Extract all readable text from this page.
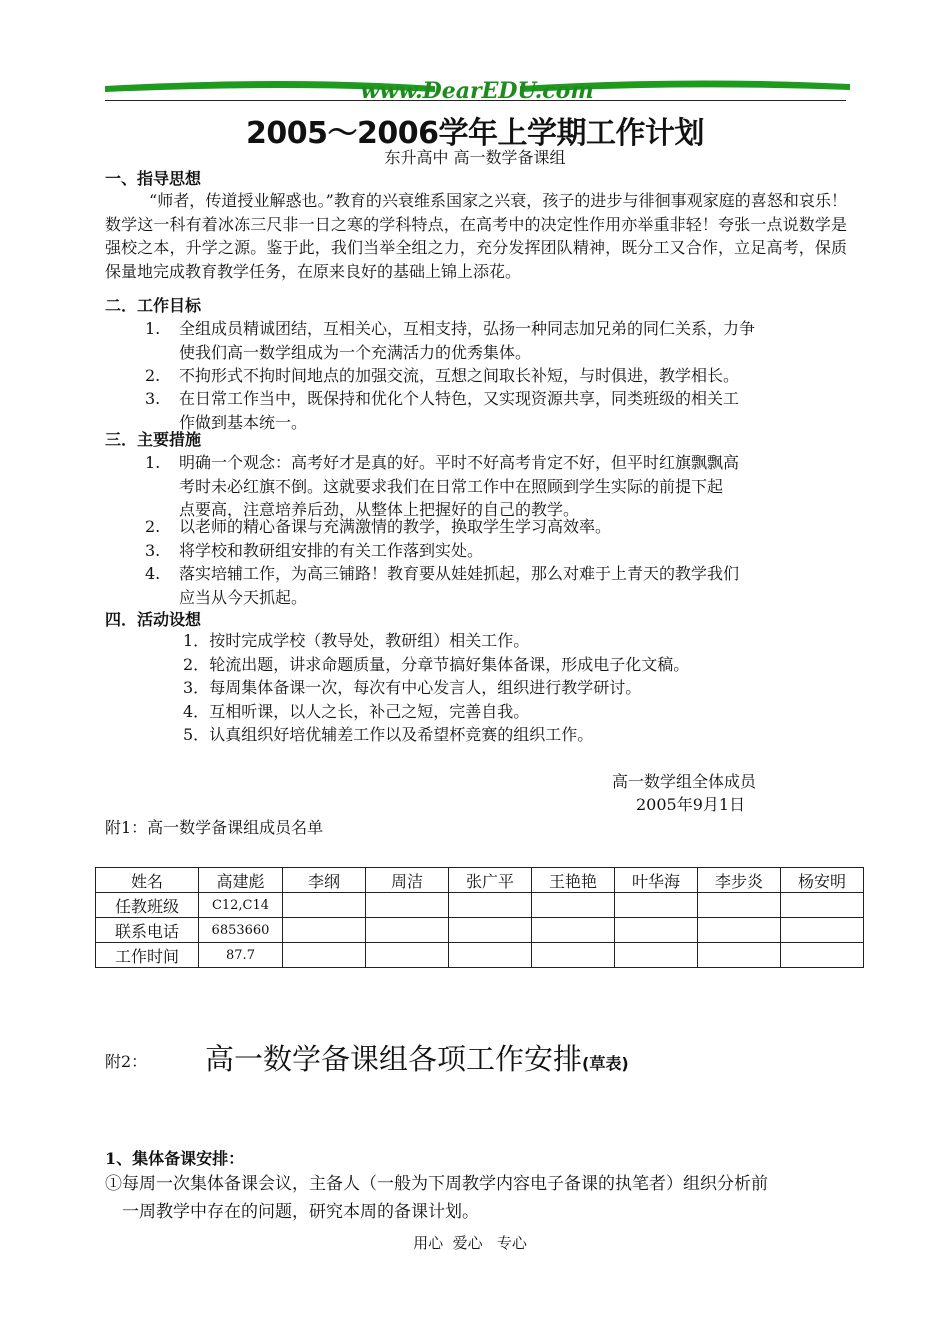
www.DearEDU.com
2005～2006学年上学期工作计划
东升高中 高一数学备课组
一、指导思想
“师者，传道授业解惑也。”教育的兴衰维系国家之兴衰，孩子的进步与徘徊事观家庭的喜怒和哀乐！数学这一科有着冰冻三尺非一日之寒的学科特点，在高考中的决定性作用亦举重非轻！夸张一点说数学是强校之本，升学之源。鉴于此，我们当举全组之力，充分发挥团队精神，既分工又合作，立足高考，保质保量地完成教育教学任务，在原来良好的基础上锦上添花。
二．工作目标
1. 全组成员精诚团结，互相关心，互相支持，弘扬一种同志加兄弟的同仁关系，力争
使我们高一数学组成为一个充满活力的优秀集体。
2. 不拘形式不拘时间地点的加强交流，互想之间取长补短，与时俱进，教学相长。
3. 在日常工作当中，既保持和优化个人特色，又实现资源共享，同类班级的相关工
作做到基本统一。
三．主要措施
1. 明确一个观念：高考好才是真的好。平时不好高考肯定不好，但平时红旗飘飘高
考时未必红旗不倒。这就要求我们在日常工作中在照顾到学生实际的前提下起
点要高，注意培养后劲，从整体上把握好的自己的教学。
2. 以老师的精心备课与充满激情的教学，换取学生学习高效率。
3. 将学校和教研组安排的有关工作落到实处。
4. 落实培辅工作，为高三铺路！教育要从娃娃抓起，那么对难于上青天的教学我们
应当从今天抓起。
四．活动设想
1．按时完成学校（教导处，教研组）相关工作。
2．轮流出题，讲求命题质量，分章节搞好集体备课，形成电子化文稿。
3．每周集体备课一次，每次有中心发言人，组织进行教学研讨。
4．互相听课，以人之长，补己之短，完善自我。
5．认真组织好培优辅差工作以及希望杯竞赛的组织工作。
高一数学组全体成员
2005年9月1日
附1：高一数学备课组成员名单
姓名	高建彪	李纲	周洁	张广平	王艳艳	叶华海	李步炎	杨安明
任教班级	C12,C14							
联系电话	6853660							
工作时间	87.7							
附2： 高一数学备课组各项工作安排(草表)
1、集体备课安排：
①每周一次集体备课会议，主备人（一般为下周教学内容电子备课的执笔者）组织分析前
一周教学中存在的问题，研究本周的备课计划。
用心  爱心   专心
